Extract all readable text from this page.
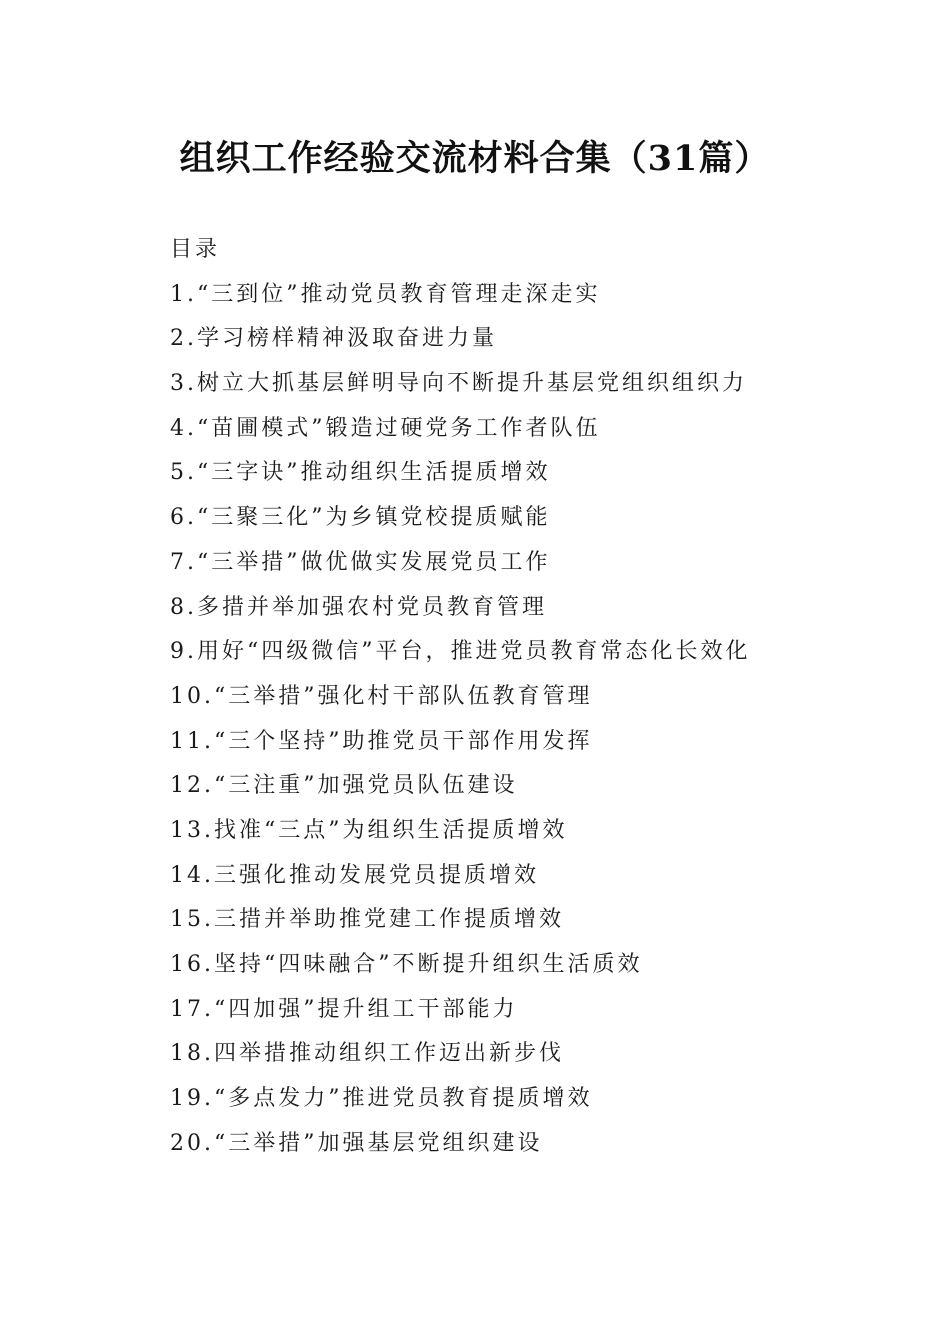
组织工作经验交流材料合集（31篇）
目录
1.“三到位”推动党员教育管理走深走实
2.学习榜样精神汲取奋进力量
3.树立大抓基层鲜明导向不断提升基层党组织组织力
4.“苗圃模式”锻造过硬党务工作者队伍
5.“三字诀”推动组织生活提质增效
6.“三聚三化”为乡镇党校提质赋能
7.“三举措”做优做实发展党员工作
8.多措并举加强农村党员教育管理
9.用好“四级微信”平台，推进党员教育常态化长效化
10.“三举措”强化村干部队伍教育管理
11.“三个坚持”助推党员干部作用发挥
12.“三注重”加强党员队伍建设
13.找准“三点”为组织生活提质增效
14.三强化推动发展党员提质增效
15.三措并举助推党建工作提质增效
16.坚持“四味融合”不断提升组织生活质效
17.“四加强”提升组工干部能力
18.四举措推动组织工作迈出新步伐
19.“多点发力”推进党员教育提质增效
20.“三举措”加强基层党组织建设
